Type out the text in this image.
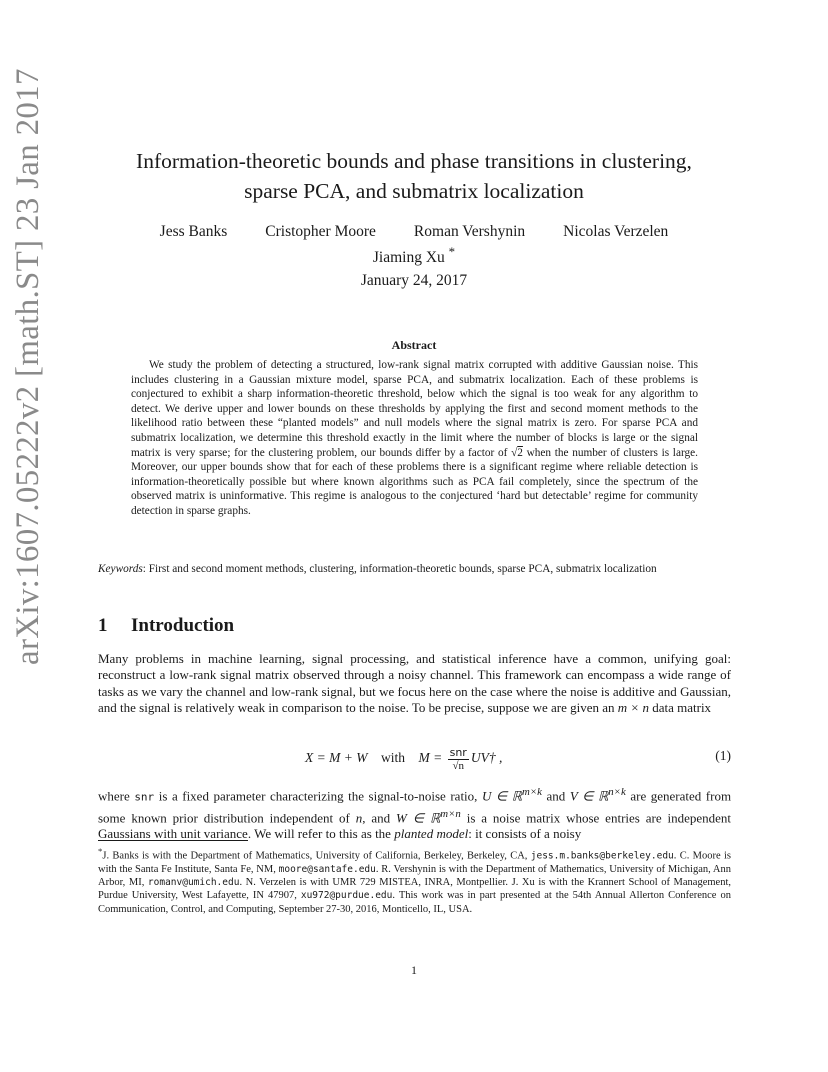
arXiv:1607.05222v2 [math.ST] 23 Jan 2017	Information-theoretic bounds and phase transitions in clustering,
sparse PCA, and submatrix localization
Jess Banks Cristopher Moore Roman Vershynin Nicolas Verzelen
Jiaming Xu *
January 24, 2017
Abstract
We study the problem of detecting a structured, low-rank signal matrix corrupted with additive Gaussian noise. This includes clustering in a Gaussian mixture model, sparse PCA, and submatrix localization. Each of these problems is conjectured to exhibit a sharp information-theoretic threshold, below which the signal is too weak for any algorithm to detect. We derive upper and lower bounds on these thresholds by applying the first and second moment methods to the likelihood ratio between these “planted models” and null models where the signal matrix is zero. For sparse PCA and submatrix localization, we determine this threshold exactly in the limit where the number of blocks is large or the signal matrix is very sparse; for the clustering problem, our bounds differ by a factor of √2 when the number of clusters is large. Moreover, our upper bounds show that for each of these problems there is a significant regime where reliable detection is information-theoretically possible but where known algorithms such as PCA fail completely, since the spectrum of the observed matrix is uninformative. This regime is analogous to the conjectured ‘hard but detectable’ regime for community detection in sparse graphs.
Keywords: First and second moment methods, clustering, information-theoretic bounds, sparse PCA, submatrix localization
1 Introduction
Many problems in machine learning, signal processing, and statistical inference have a common, unifying goal: reconstruct a low-rank signal matrix observed through a noisy channel. This framework can encompass a wide range of tasks as we vary the channel and low-rank signal, but we focus here on the case where the noise is additive and Gaussian, and the signal is relatively weak in comparison to the noise. To be precise, suppose we are given an m × n data matrix
X = M + W with $M = \frac{\text{snr}}{√n}$ UV† ,	(1)
where snr is a fixed parameter characterizing the signal-to-noise ratio, U ∈ ℝ$^{m\times k}$ and V ∈ ℝ$^{n\times k}$ are generated from some known prior distribution independent of n, and W ∈ ℝ$^{m\times n}$ is a noise matrix whose entries are independent Gaussians with unit variance. We will refer to this as the planted model: it consists of a noisy
*J. Banks is with the Department of Mathematics, University of California, Berkeley, Berkeley, CA, jess.m.banks@berkeley.edu. C. Moore is with the Santa Fe Institute, Santa Fe, NM, moore@santafe.edu. R. Vershynin is with the Department of Mathematics, University of Michigan, Ann Arbor, MI, romanv@umich.edu. N. Verzelen is with UMR 729 MISTEA, INRA, Montpellier. J. Xu is with the Krannert School of Management, Purdue University, West Lafayette, IN 47907, xu972@purdue.edu. This work was in part presented at the 54th Annual Allerton Conference on Communication, Control, and Computing, September 27-30, 2016, Monticello, IL, USA.
1
